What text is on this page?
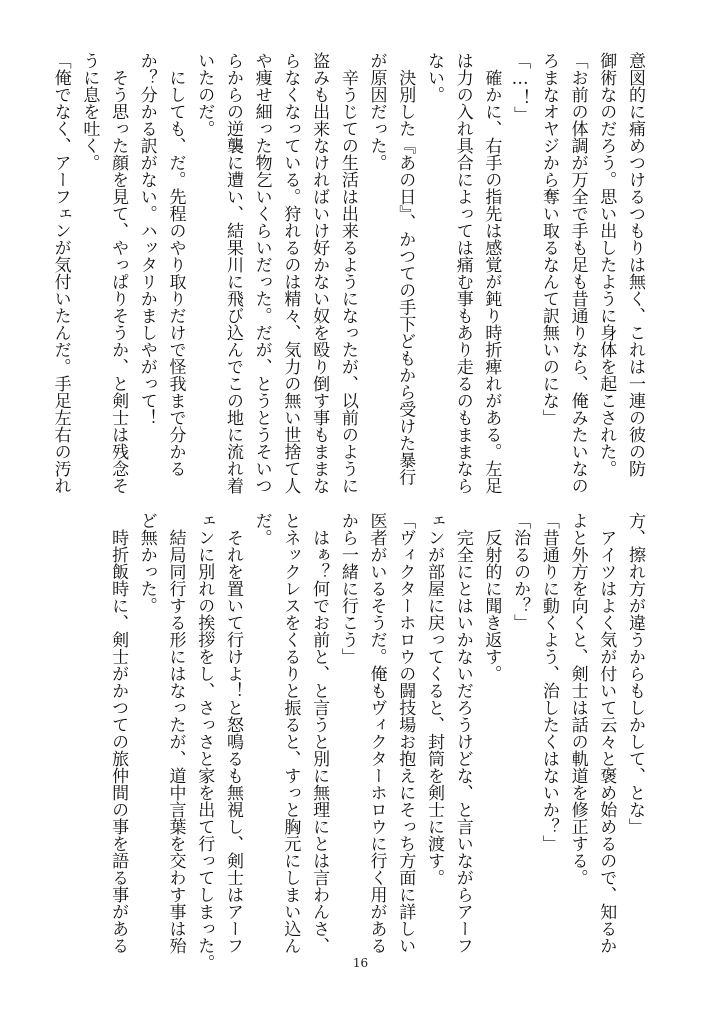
意図的に痛めつけるつもりは無く、これは一連の彼の防

御術なのだろう。思い出したように身体を起こされた。

「お前の体調が万全で手も足も昔通りなら、俺みたいなの

ろまなオヤジから奪い取るなんて訳無いのにな」

「…！」

　確かに、右手の指先は感覚が鈍り時折痺れがある。左足

は力の入れ具合によっては痛む事もあり走るのもままなら

ない。

　決別した『あの日』、かつての手下どもから受けた暴行

が原因だった。

　辛うじての生活は出来るようになったが、以前のように

盗みも出来なければいけ好かない奴を殴り倒す事もままな

らなくなっている。狩れるのは精々、気力の無い世捨て人

や痩せ細った物乞いくらいだった。だが、とうとうそいつ

らからの逆襲に遭い、結果川に飛び込んでこの地に流れ着

いたのだ。

　にしても、だ。先程のやり取りだけで怪我まで分かる

か？分かる訳がない。ハッタリかましやがって！

　そう思った顔を見て、やっぱりそうか、と剣士は残念そ

うに息を吐く。

「俺でなく、アーフェンが気付いたんだ。手足左右の汚れ

方、擦れ方が違うからもしかして、とな」

　アイツはよく気が付いて云々と褒め始めるので、知るか

よと外方を向くと、剣士は話の軌道を修正する。

「昔通りに動くよう、治したくはないか？」

「治るのか？」

　反射的に聞き返す。

　完全にとはいかないだろうけどな、と言いながらアーフ

ェンが部屋に戻ってくると、封筒を剣士に渡す。

「ヴィクターホロウの闘技場お抱えにそっち方面に詳しい

医者がいるそうだ。俺もヴィクターホロウに行く用がある

から一緒に行こう」

　はぁ？何でお前と、と言うと別に無理にとは言わんさ、

とネックレスをくるりと振ると、すっと胸元にしまい込ん

だ。

　それを置いて行けよ！と怒鳴るも無視し、剣士はアーフ

ェンに別れの挨拶をし、さっさと家を出て行ってしまった。

　結局同行する形にはなったが、道中言葉を交わす事は殆

ど無かった。

　時折飯時に、剣士がかつての旅仲間の事を語る事がある

16
